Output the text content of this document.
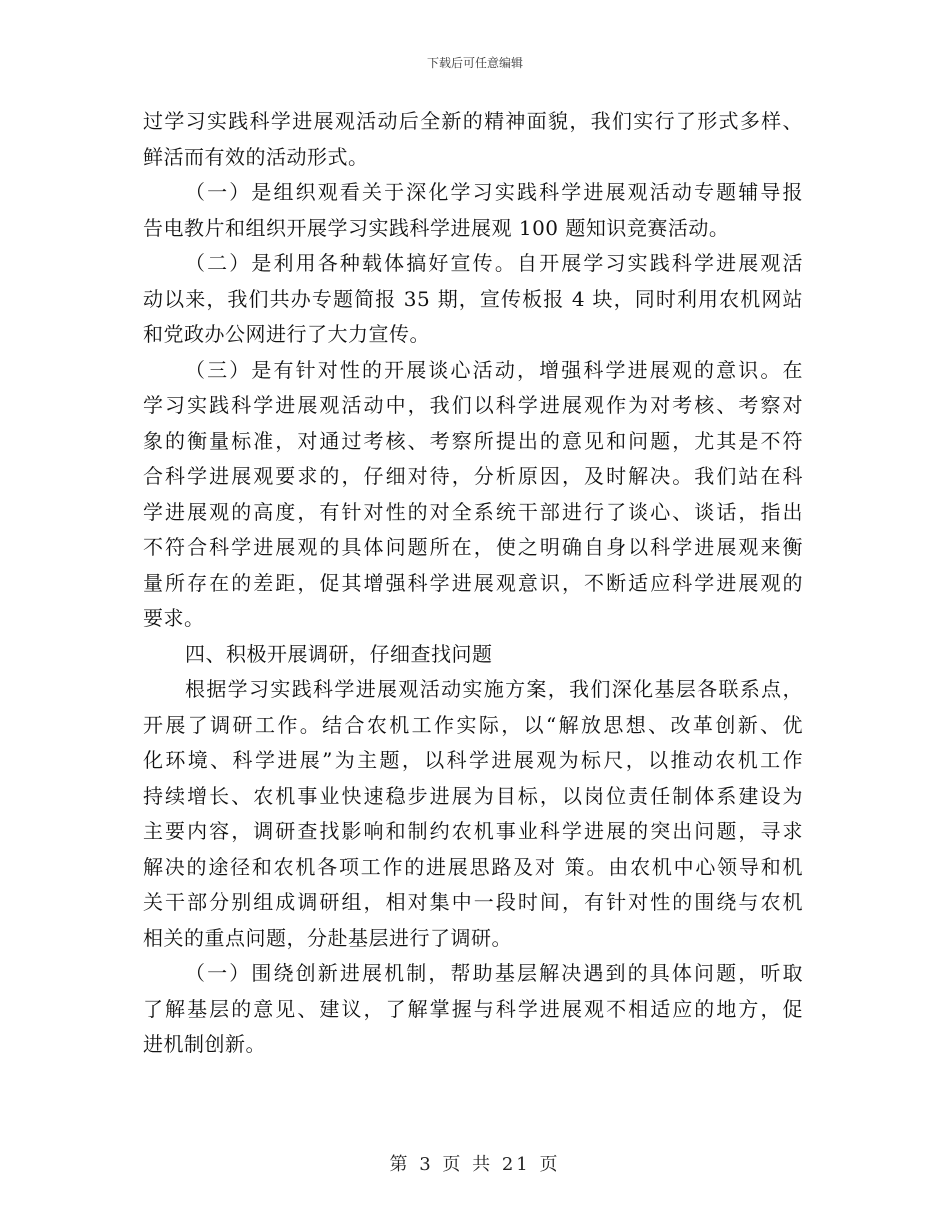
下载后可任意编辑
过学习实践科学进展观活动后全新的精神面貌，我们实行了形式多样、
鲜活而有效的活动形式。
（一）是组织观看关于深化学习实践科学进展观活动专题辅导报
告电教片和组织开展学习实践科学进展观 100 题知识竞赛活动。
（二）是利用各种载体搞好宣传。自开展学习实践科学进展观活
动以来，我们共办专题简报 35 期，宣传板报 4 块，同时利用农机网站
和党政办公网进行了大力宣传。
（三）是有针对性的开展谈心活动，增强科学进展观的意识。在
学习实践科学进展观活动中，我们以科学进展观作为对考核、考察对
象的衡量标准，对通过考核、考察所提出的意见和问题，尤其是不符
合科学进展观要求的，仔细对待，分析原因，及时解决。我们站在科
学进展观的高度，有针对性的对全系统干部进行了谈心、谈话，指出
不符合科学进展观的具体问题所在，使之明确自身以科学进展观来衡
量所存在的差距，促其增强科学进展观意识，不断适应科学进展观的
要求。
四、积极开展调研，仔细查找问题
根据学习实践科学进展观活动实施方案，我们深化基层各联系点，
开展了调研工作。结合农机工作实际，以“解放思想、改革创新、优
化环境、科学进展”为主题，以科学进展观为标尺，以推动农机工作
持续增长、农机事业快速稳步进展为目标，以岗位责任制体系建设为
主要内容，调研查找影响和制约农机事业科学进展的突出问题，寻求
解决的途径和农机各项工作的进展思路及对 策。由农机中心领导和机
关干部分别组成调研组，相对集中一段时间，有针对性的围绕与农机
相关的重点问题，分赴基层进行了调研。
（一）围绕创新进展机制，帮助基层解决遇到的具体问题，听取
了解基层的意见、建议，了解掌握与科学进展观不相适应的地方，促
进机制创新。
第 3 页 共 21 页
